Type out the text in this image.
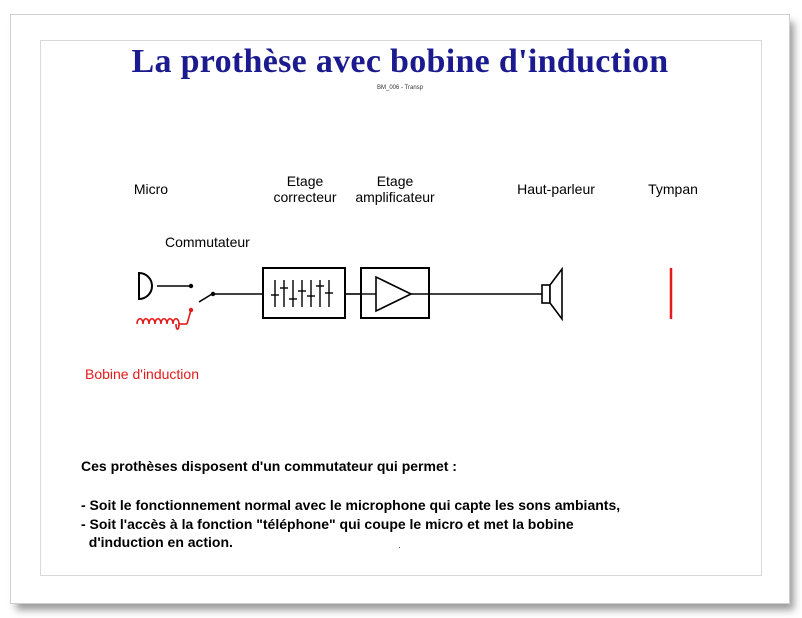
La prothèse avec bobine d'induction
BM_006 - Transp
Micro	Etage
correcteur
Etage
amplificateur	Haut-parleur	Tympan
Commutateur
Bobine d'induction
Ces prothèses disposent d'un commutateur qui permet :
- Soit le fonctionnement normal avec le microphone qui capte les sons ambiants,
- Soit l'accès à la fonction "téléphone" qui coupe le micro et met la bobine
d'induction en action.
